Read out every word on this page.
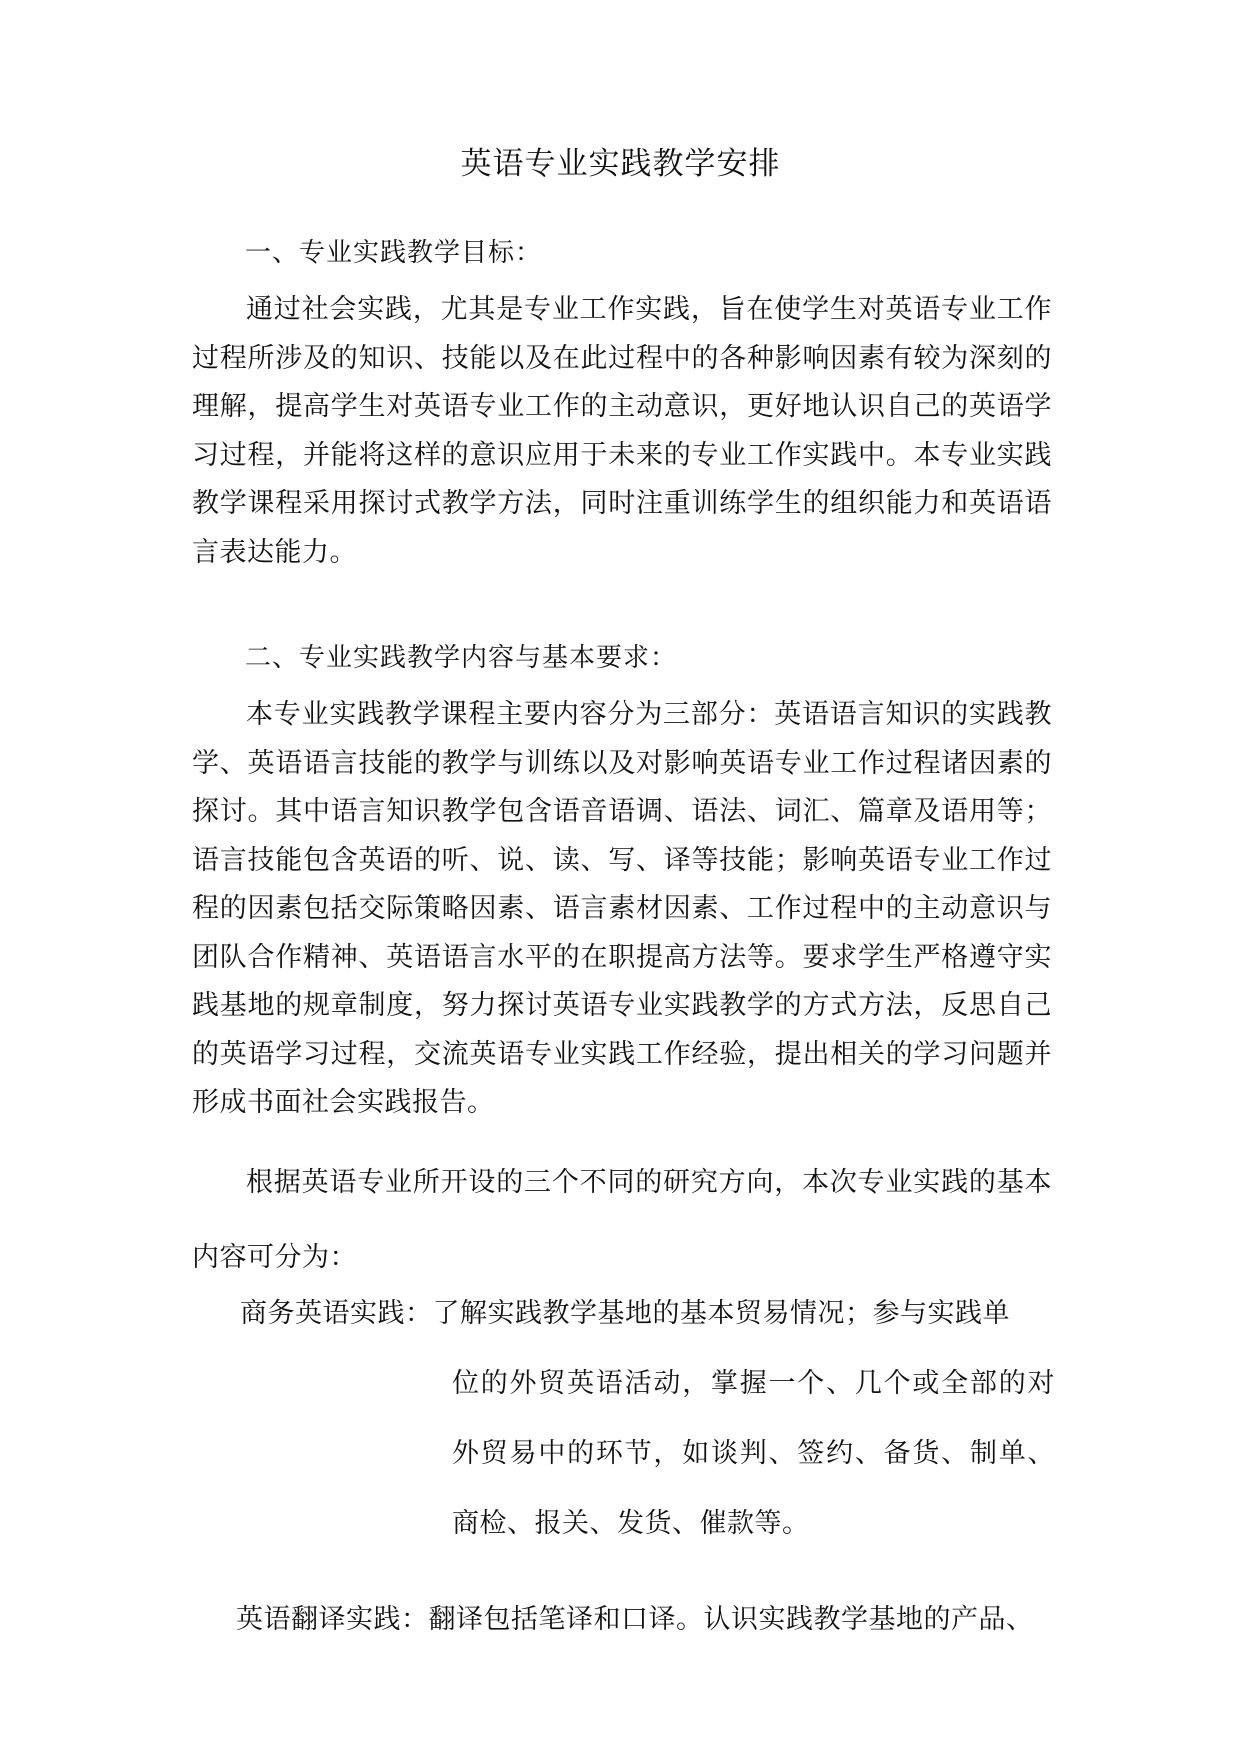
英语专业实践教学安排
一、专业实践教学目标：

通过社会实践，尤其是专业工作实践，旨在使学生对英语专业工作过程所涉及的知识、技能以及在此过程中的各种影响因素有较为深刻的理解，提高学生对英语专业工作的主动意识，更好地认识自己的英语学习过程，并能将这样的意识应用于未来的专业工作实践中。本专业实践教学课程采用探讨式教学方法，同时注重训练学生的组织能力和英语语言表达能力。

二、专业实践教学内容与基本要求：

本专业实践教学课程主要内容分为三部分：英语语言知识的实践教学、英语语言技能的教学与训练以及对影响英语专业工作过程诸因素的探讨。其中语言知识教学包含语音语调、语法、词汇、篇章及语用等；语言技能包含英语的听、说、读、写、译等技能；影响英语专业工作过程的因素包括交际策略因素、语言素材因素、工作过程中的主动意识与团队合作精神、英语语言水平的在职提高方法等。要求学生严格遵守实践基地的规章制度，努力探讨英语专业实践教学的方式方法，反思自己的英语学习过程，交流英语专业实践工作经验，提出相关的学习问题并形成书面社会实践报告。

根据英语专业所开设的三个不同的研究方向，本次专业实践的基本内容可分为：

商务英语实践：了解实践教学基地的基本贸易情况；参与实践单

位的外贸英语活动，掌握一个、几个或全部的对外贸易中的环节，如谈判、签约、备货、制单、商检、报关、发货、催款等。

英语翻译实践：翻译包括笔译和口译。认识实践教学基地的产品、
